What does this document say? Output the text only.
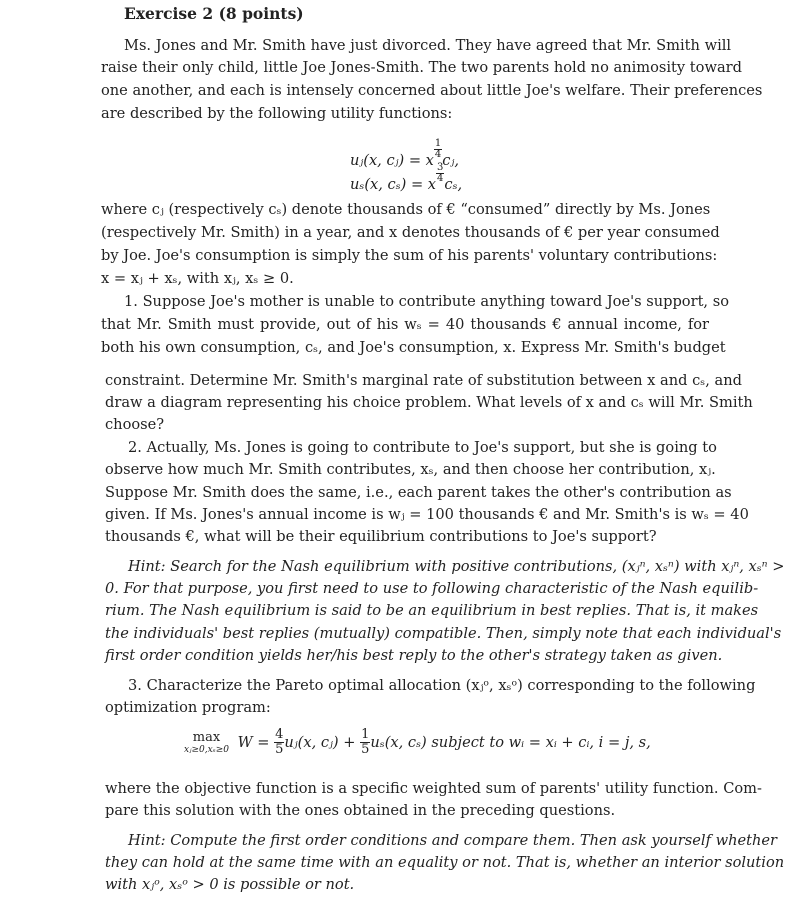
Exercise 2 (8 points)
Ms. Jones and Mr. Smith have just divorced. They have agreed that Mr. Smith will
raise their only child, little Joe Jones-Smith. The two parents hold no animosity toward
one another, and each is intensely concerned about little Joe's welfare. Their preferences
are described by the following utility functions:
uⱼ(x, cⱼ) = x
$\frac{1}{4}$
cⱼ,
uₛ(x, cₛ) = x
$\frac{3}{4}$
cₛ,
where cⱼ (respectively cₛ) denote thousands of € “consumed” directly by Ms. Jones
(respectively Mr. Smith) in a year, and x denotes thousands of € per year consumed
by Joe. Joe's consumption is simply the sum of his parents' voluntary contributions:
x = xⱼ + xₛ, with xⱼ, xₛ ≥ 0.
1. Suppose Joe's mother is unable to contribute anything toward Joe's support, so
that Mr. Smith must provide, out of his wₛ = 40 thousands € annual income, for
both his own consumption, cₛ, and Joe's consumption, x. Express Mr. Smith's budget
constraint. Determine Mr. Smith's marginal rate of substitution between x and cₛ, and
draw a diagram representing his choice problem. What levels of x and cₛ will Mr. Smith
choose?
2. Actually, Ms. Jones is going to contribute to Joe's support, but she is going to
observe how much Mr. Smith contributes, xₛ, and then choose her contribution, xⱼ.
Suppose Mr. Smith does the same, i.e., each parent takes the other's contribution as
given. If Ms. Jones's annual income is wⱼ = 100 thousands € and Mr. Smith's is wₛ = 40
thousands €, what will be their equilibrium contributions to Joe's support?
Hint: Search for the Nash equilibrium with positive contributions, (xⱼⁿ, xₛⁿ) with xⱼⁿ, xₛⁿ >
0. For that purpose, you first need to use to following characteristic of the Nash equilib-
rium. The Nash equilibrium is said to be an equilibrium in best replies. That is, it makes
the individuals' best replies (mutually) compatible. Then, simply note that each individual's
first order condition yields her/his best reply to the other's strategy taken as given.
3. Characterize the Pareto optimal allocation (xⱼᵒ, xₛᵒ) corresponding to the following
optimization program:
max
xⱼ≥0,xₛ≥0 $W = \frac{4}{5}$ uⱼ(x, cⱼ) + $\frac{1}{5} u_s(x$, cₛ) subject to wᵢ = xᵢ + cᵢ, i = j, s,
where the objective function is a specific weighted sum of parents' utility function. Com-
pare this solution with the ones obtained in the preceding questions.
Hint: Compute the first order conditions and compare them. Then ask yourself whether
they can hold at the same time with an equality or not. That is, whether an interior solution
with xⱼᵒ, xₛᵒ > 0 is possible or not.
